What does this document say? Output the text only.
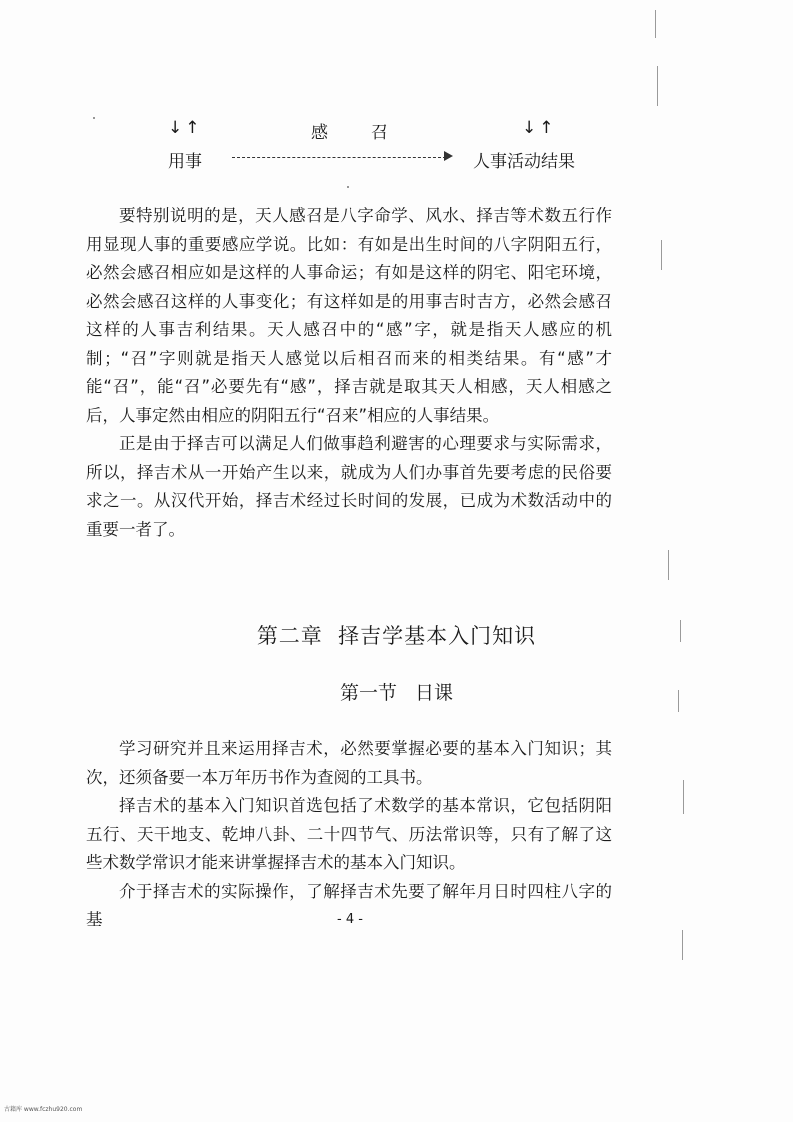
↓↑	感	召	↓↑
用事	人事活动结果

要特别说明的是，天人感召是八字命学、风水、择吉等术数五行作用显现人事的重要感应学说。比如：有如是出生时间的八字阴阳五行，必然会感召相应如是这样的人事命运；有如是这样的阴宅、阳宅环境，必然会感召这样的人事变化；有这样如是的用事吉时吉方，必然会感召这样的人事吉利结果。天人感召中的“感”字，就是指天人感应的机制；“召”字则就是指天人感觉以后相召而来的相类结果。有“感”才能“召”，能“召”必要先有“感”，择吉就是取其天人相感，天人相感之后，人事定然由相应的阴阳五行“召来”相应的人事结果。

正是由于择吉可以满足人们做事趋利避害的心理要求与实际需求，所以，择吉术从一开始产生以来，就成为人们办事首先要考虑的民俗要求之一。从汉代开始，择吉术经过长时间的发展，已成为术数活动中的重要一者了。

第二章  择吉学基本入门知识
第一节   日课

学习研究并且来运用择吉术，必然要掌握必要的基本入门知识；其次，还须备要一本万年历书作为查阅的工具书。

择吉术的基本入门知识首选包括了术数学的基本常识，它包括阴阳五行、天干地支、乾坤八卦、二十四节气、历法常识等，只有了解了这些术数学常识才能来讲掌握择吉术的基本入门知识。

介于择吉术的实际操作，了解择吉术先要了解年月日时四柱八字的基	- 4 -
古籍库 www.fczhu920.com
